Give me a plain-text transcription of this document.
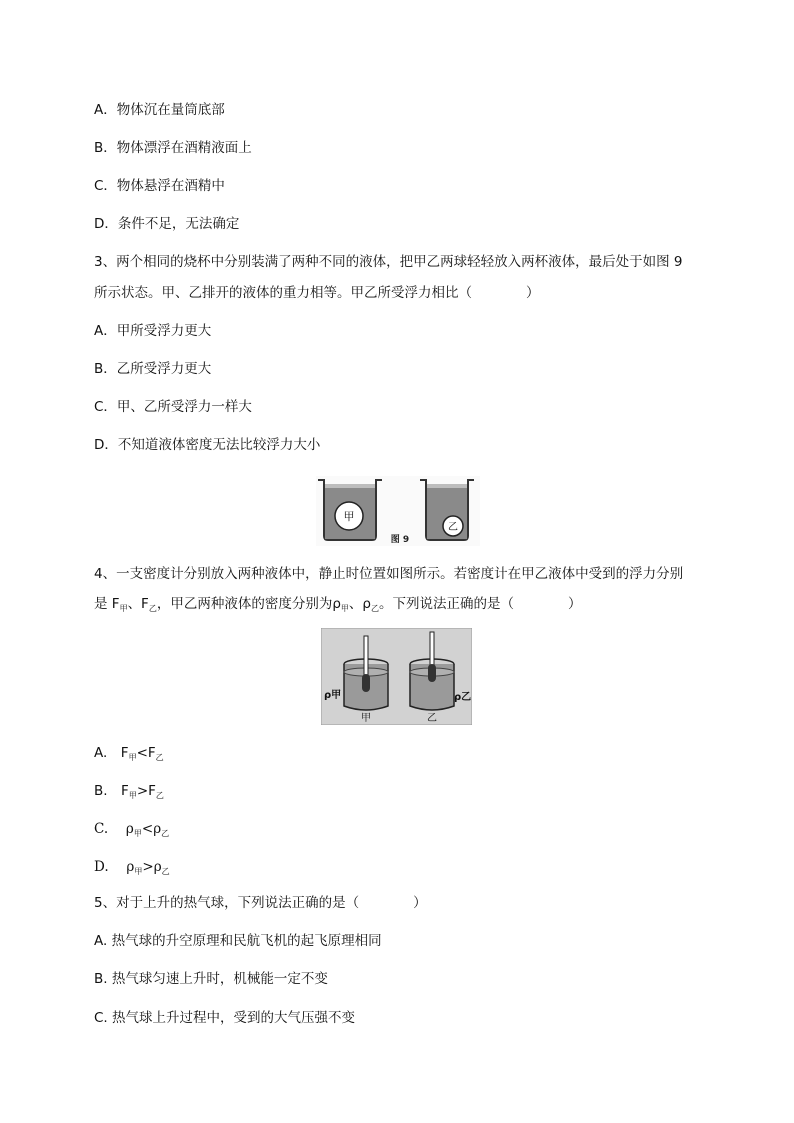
A．物体沉在量筒底部
B．物体漂浮在酒精液面上
C．物体悬浮在酒精中
D．条件不足，无法确定
3、两个相同的烧杯中分别装满了两种不同的液体，把甲乙两球轻轻放入两杯液体，最后处于如图 9
所示状态。甲、乙排开的液体的重力相等。甲乙所受浮力相比（　　　　）
A．甲所受浮力更大
B．乙所受浮力更大
C．甲、乙所受浮力一样大
D．不知道液体密度无法比较浮力大小
甲
乙
图 9
4、一支密度计分别放入两种液体中，静止时位置如图所示。若密度计在甲乙液体中受到的浮力分别
是 $F_甲$、$F_乙$，甲乙两种液体的密度分别为$\rho_甲$、$\rho_乙$。下列说法正确的是（　　　　）
ρ甲	ρ乙
甲	乙
A.　$F_甲<F_乙$
B.　$F_甲>F_乙$
C.　 $\rho_甲<\rho_乙$
D.　 $\rho_甲>\rho_乙$
5、对于上升的热气球，下列说法正确的是（　　　　）
A. 热气球的升空原理和民航飞机的起飞原理相同
B. 热气球匀速上升时，机械能一定不变
C. 热气球上升过程中，受到的大气压强不变
